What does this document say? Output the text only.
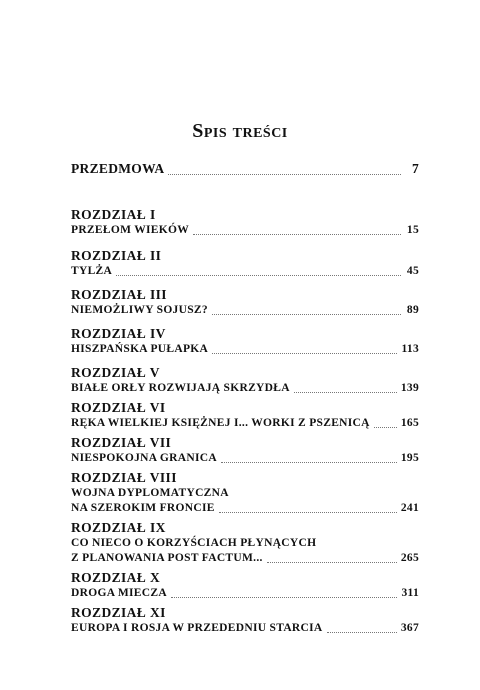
Spis treści
PRZEDMOWA	7
ROZDZIAŁ I
PRZEŁOM WIEKÓW	15
ROZDZIAŁ II
TYLŻA	45
ROZDZIAŁ III
NIEMOŻLIWY SOJUSZ?	89
ROZDZIAŁ IV
HISZPAŃSKA PUŁAPKA	113
ROZDZIAŁ V
BIAŁE ORŁY ROZWIJAJĄ SKRZYDŁA	139
ROZDZIAŁ VI
RĘKA WIELKIEJ KSIĘŻNEJ I... WORKI Z PSZENICĄ	165
ROZDZIAŁ VII
NIESPOKOJNA GRANICA	195
ROZDZIAŁ VIII
WOJNA DYPLOMATYCZNA
NA SZEROKIM FRONCIE	241
ROZDZIAŁ IX
CO NIECO O KORZYŚCIACH PŁYNĄCYCH
Z PLANOWANIA POST FACTUM...	265
ROZDZIAŁ X
DROGA MIECZA	311
ROZDZIAŁ XI
EUROPA I ROSJA W PRZEDEDNIU STARCIA	367
